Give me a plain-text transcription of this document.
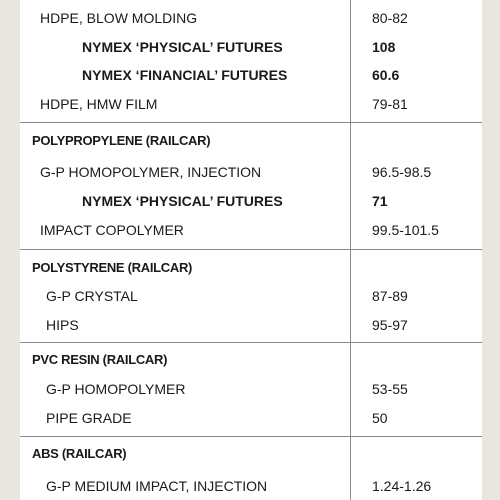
HDPE, BLOW MOLDING	80-82
NYMEX ‘PHYSICAL’ FUTURES	108
NYMEX ‘FINANCIAL’ FUTURES	60.6
HDPE, HMW FILM	79-81
POLYPROPYLENE (RAILCAR)
G-P HOMOPOLYMER, INJECTION	96.5-98.5
NYMEX ‘PHYSICAL’ FUTURES	71
IMPACT COPOLYMER	99.5-101.5
POLYSTYRENE (RAILCAR)
G-P CRYSTAL	87-89
HIPS	95-97
PVC RESIN (RAILCAR)
G-P HOMOPOLYMER	53-55
PIPE GRADE	50
ABS (RAILCAR)
G-P MEDIUM IMPACT, INJECTION	1.24-1.26
